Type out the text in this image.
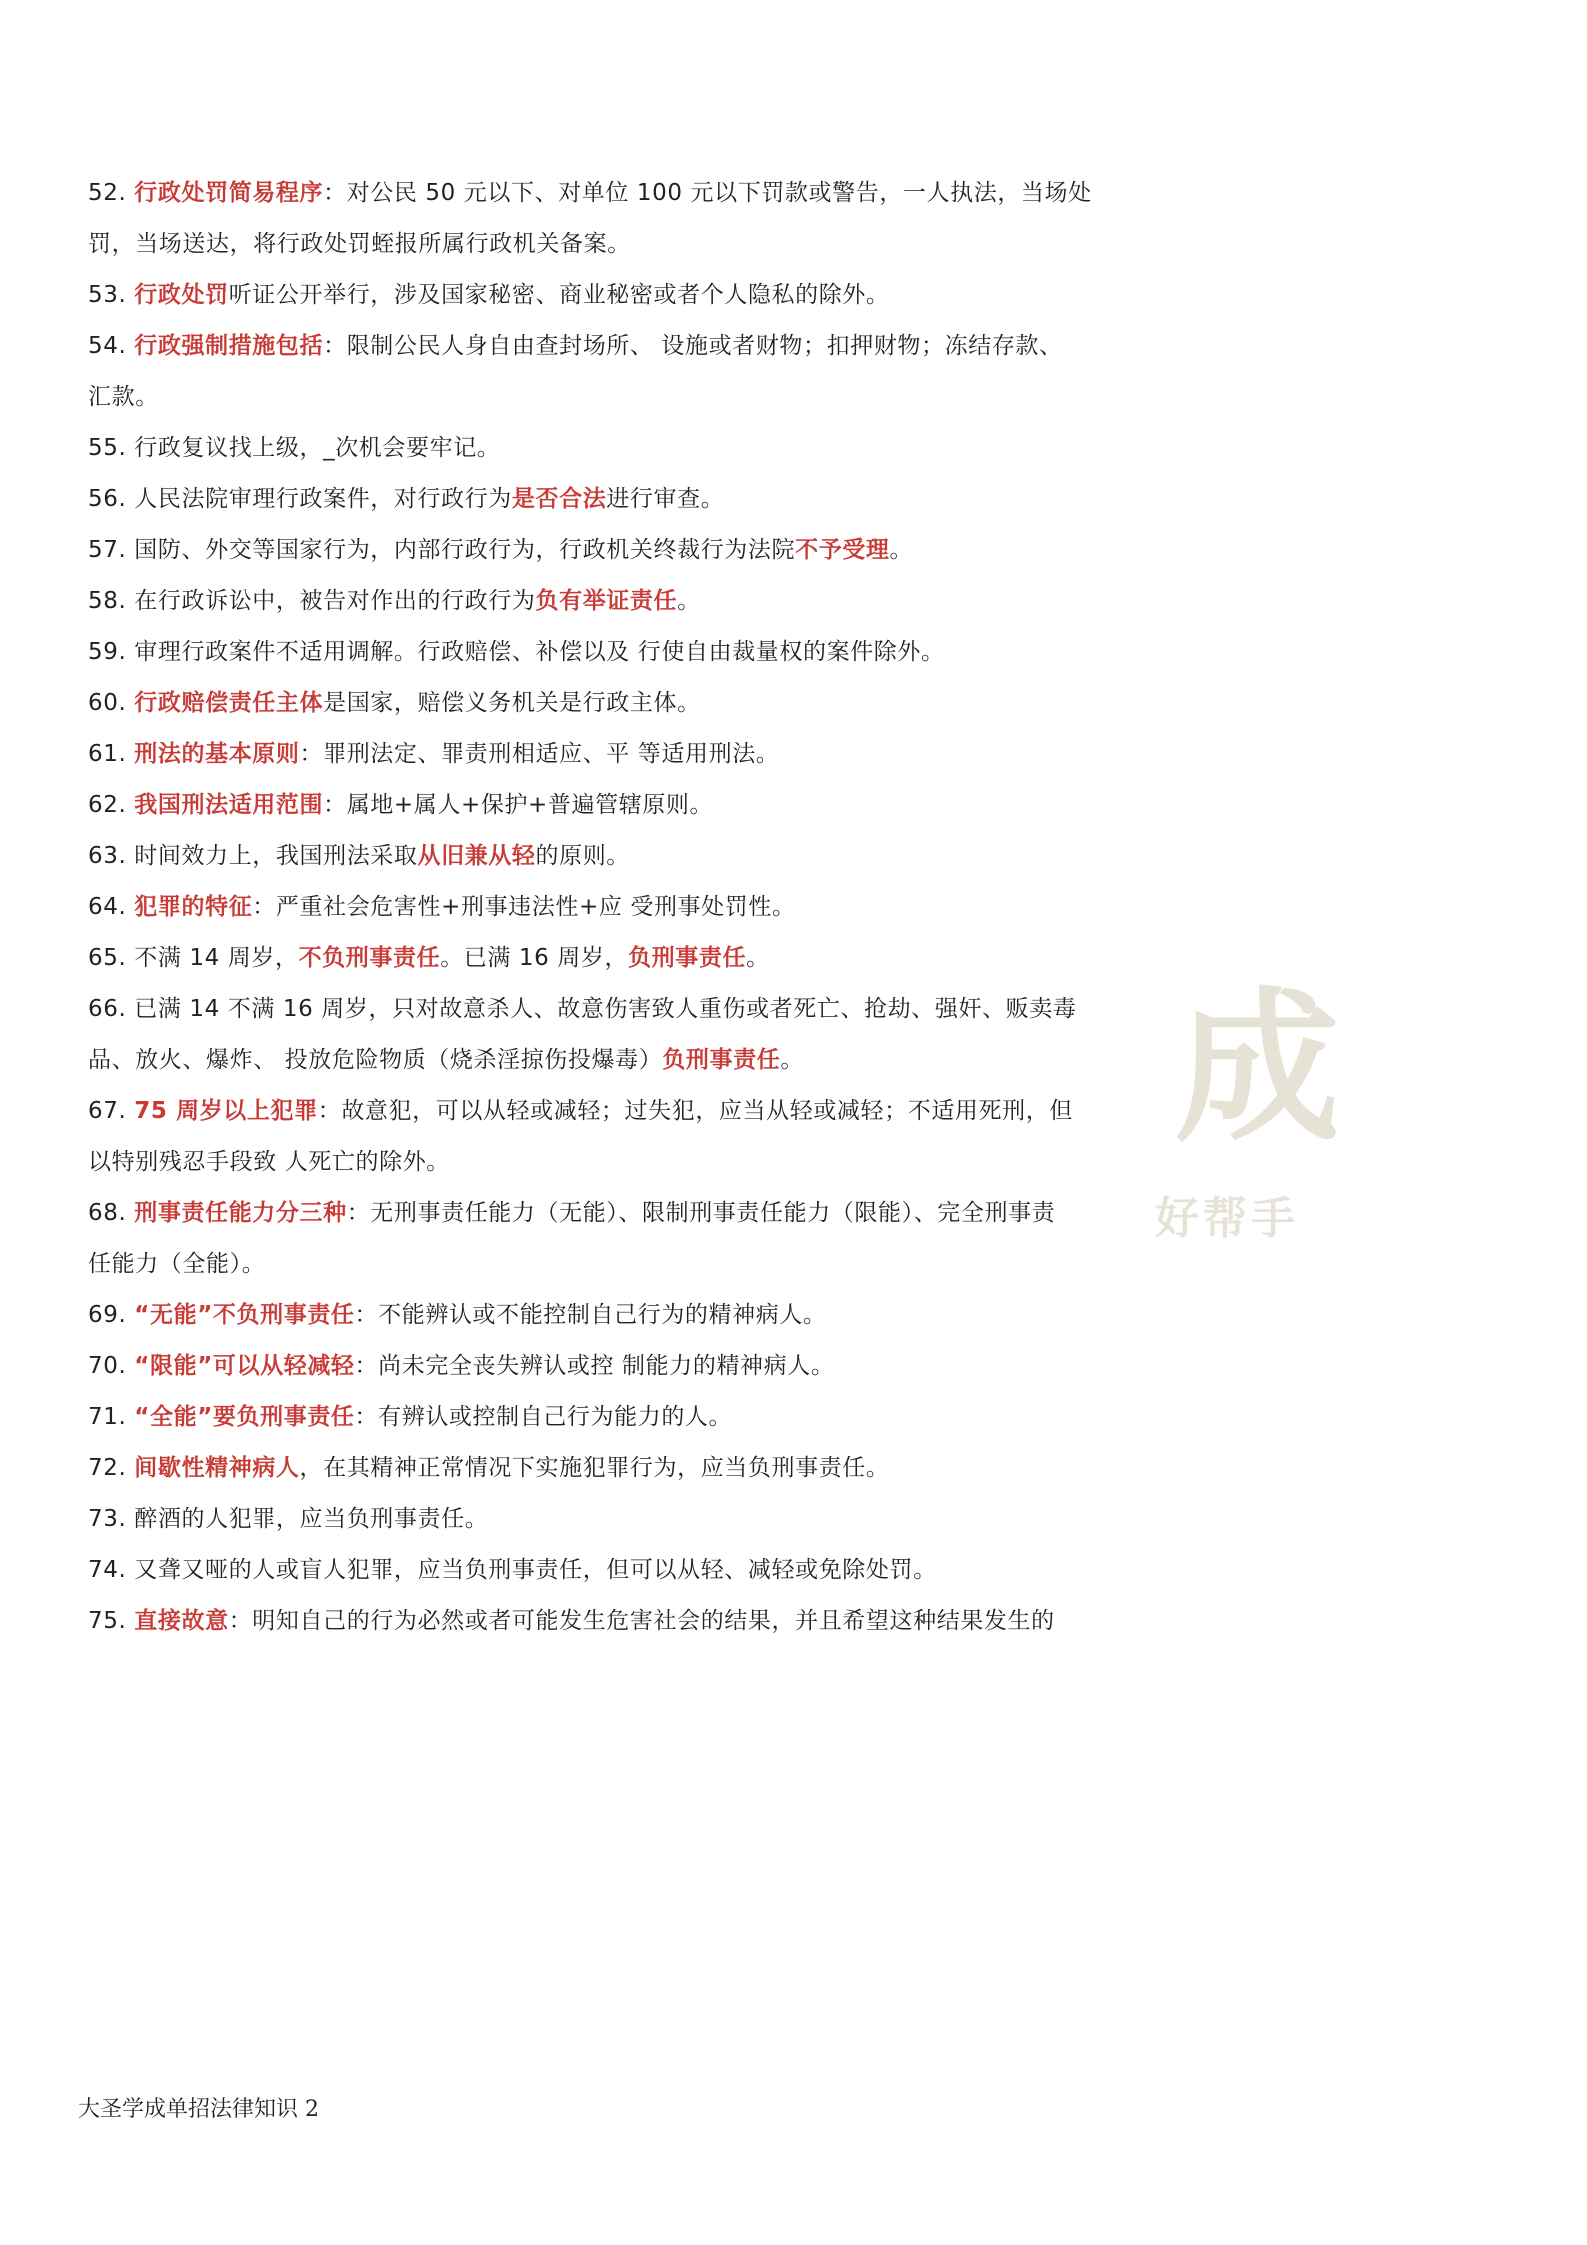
成
好帮手
52. 行政处罚简易程序：对公民 50 元以下、对单位 100 元以下罚款或警告，一人执法，当场处
罚，当场送达，将行政处罚蛭报所属行政机关备案。
53. 行政处罚听证公开举行，涉及国家秘密、商业秘密或者个人隐私的除外。
54. 行政强制措施包括：限制公民人身自由查封场所、 设施或者财物；扣押财物；冻结存款、
汇款。
55. 行政复议找上级，_次机会要牢记。
56. 人民法院审理行政案件，对行政行为是否合法进行审查。
57. 国防、外交等国家行为，内部行政行为，行政机关终裁行为法院不予受理。
58. 在行政诉讼中，被告对作出的行政行为负有举证责任。
59. 审理行政案件不适用调解。行政赔偿、补偿以及 行使自由裁量权的案件除外。
60. 行政赔偿责任主体是国家，赔偿义务机关是行政主体。
61. 刑法的基本原则：罪刑法定、罪责刑相适应、平 等适用刑法。
62. 我国刑法适用范围：属地+属人+保护+普遍管辖原则。
63. 时间效力上，我国刑法采取从旧兼从轻的原则。
64. 犯罪的特征：严重社会危害性+刑事违法性+应 受刑事处罚性。
65. 不满 14 周岁，不负刑事责任。已满 16 周岁，负刑事责任。
66. 已满 14 不满 16 周岁，只对故意杀人、故意伤害致人重伤或者死亡、抢劫、强奸、贩卖毒
品、放火、爆炸、 投放危险物质（烧杀淫掠伤投爆毒）负刑事责任。
67. 75 周岁以上犯罪：故意犯，可以从轻或减轻；过失犯，应当从轻或减轻；不适用死刑，但
以特别残忍手段致 人死亡的除外。
68. 刑事责任能力分三种：无刑事责任能力（无能）、限制刑事责任能力（限能）、完全刑事责
任能力（全能）。
69. “无能”不负刑事责任：不能辨认或不能控制自己行为的精神病人。
70. “限能”可以从轻减轻：尚未完全丧失辨认或控 制能力的精神病人。
71. “全能”要负刑事责任：有辨认或控制自己行为能力的人。
72. 间歇性精神病人，在其精神正常情况下实施犯罪行为，应当负刑事责任。
73. 醉酒的人犯罪，应当负刑事责任。
74. 又聋又哑的人或盲人犯罪，应当负刑事责任，但可以从轻、减轻或免除处罚。
75. 直接故意：明知自己的行为必然或者可能发生危害社会的结果，并且希望这种结果发生的
大圣学成单招法律知识 2
